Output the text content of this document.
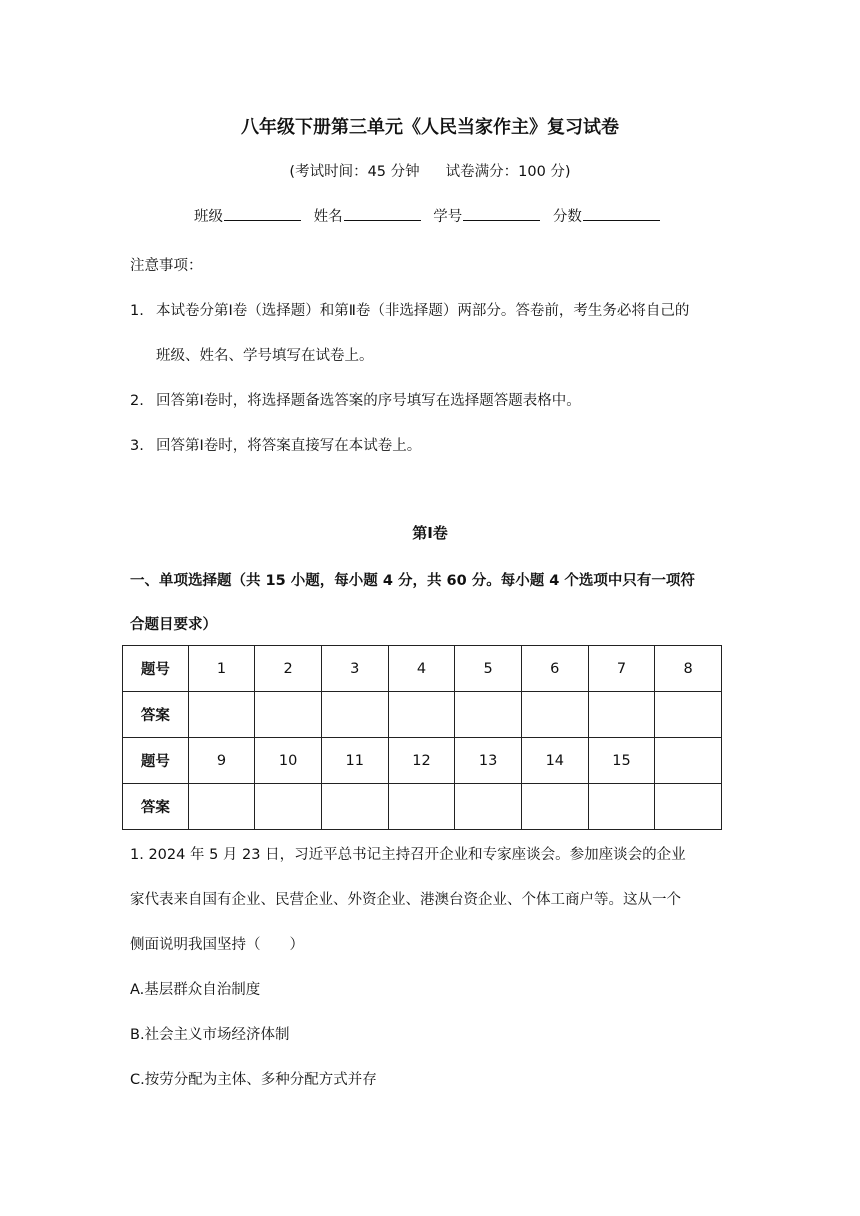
八年级下册第三单元《人民当家作主》复习试卷
(考试时间：45 分钟 试卷满分：100 分)
班级	姓名	学号	分数
注意事项：
1. 本试卷分第Ⅰ卷（选择题）和第Ⅱ卷（非选择题）两部分。答卷前，考生务必将自己的
班级、姓名、学号填写在试卷上。
2. 回答第Ⅰ卷时，将选择题备选答案的序号填写在选择题答题表格中。
3. 回答第Ⅰ卷时，将答案直接写在本试卷上。
第Ⅰ卷
一、单项选择题（共 15 小题，每小题 4 分，共 60 分。每小题 4 个选项中只有一项符
合题目要求）
题号	1	2	3	4	5	6	7	8
答案								
题号	9	10	11	12	13	14	15	
答案								
1. 2024 年 5 月 23 日，习近平总书记主持召开企业和专家座谈会。参加座谈会的企业
家代表来自国有企业、民营企业、外资企业、港澳台资企业、个体工商户等。这从一个
侧面说明我国坚持（　　）
A.基层群众自治制度
B.社会主义市场经济体制
C.按劳分配为主体、多种分配方式并存
